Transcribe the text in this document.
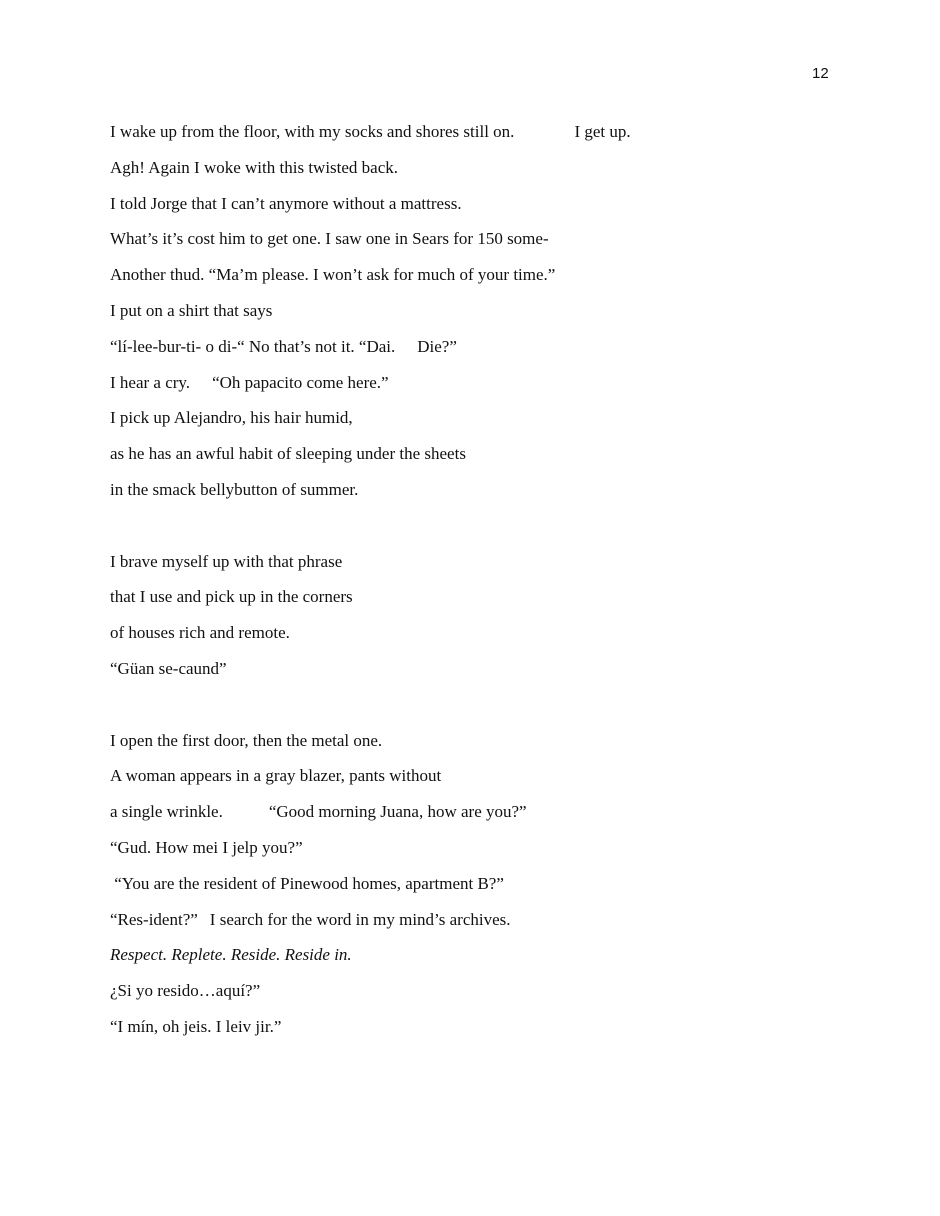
12
I wake up from the floor, with my socks and shores still on.	I get up.
Agh! Again I woke with this twisted back.
I told Jorge that I can’t anymore without a mattress.
What’s it’s cost him to get one. I saw one in Sears for 150 some-
Another thud. “Ma’m please. I won’t ask for much of your time.”
I put on a shirt that says
“lí-lee-bur-ti- o di-“ No that’s not it. “Dai. Die?”
I hear a cry. “Oh papacito come here.”
I pick up Alejandro, his hair humid,
as he has an awful habit of sleeping under the sheets
in the smack bellybutton of summer.
I brave myself up with that phrase
that I use and pick up in the corners
of houses rich and remote.
“Güan se-caund”
I open the first door, then the metal one.
A woman appears in a gray blazer, pants without
a single wrinkle.	“Good morning Juana, how are you?”
“Gud. How mei I jelp you?”
“You are the resident of Pinewood homes, apartment B?”
“Res-ident?” I search for the word in my mind’s archives.
Respect. Replete. Reside. Reside in.
¿Si yo resido…aquí?”
“I mín, oh jeis. I leiv jir.”
